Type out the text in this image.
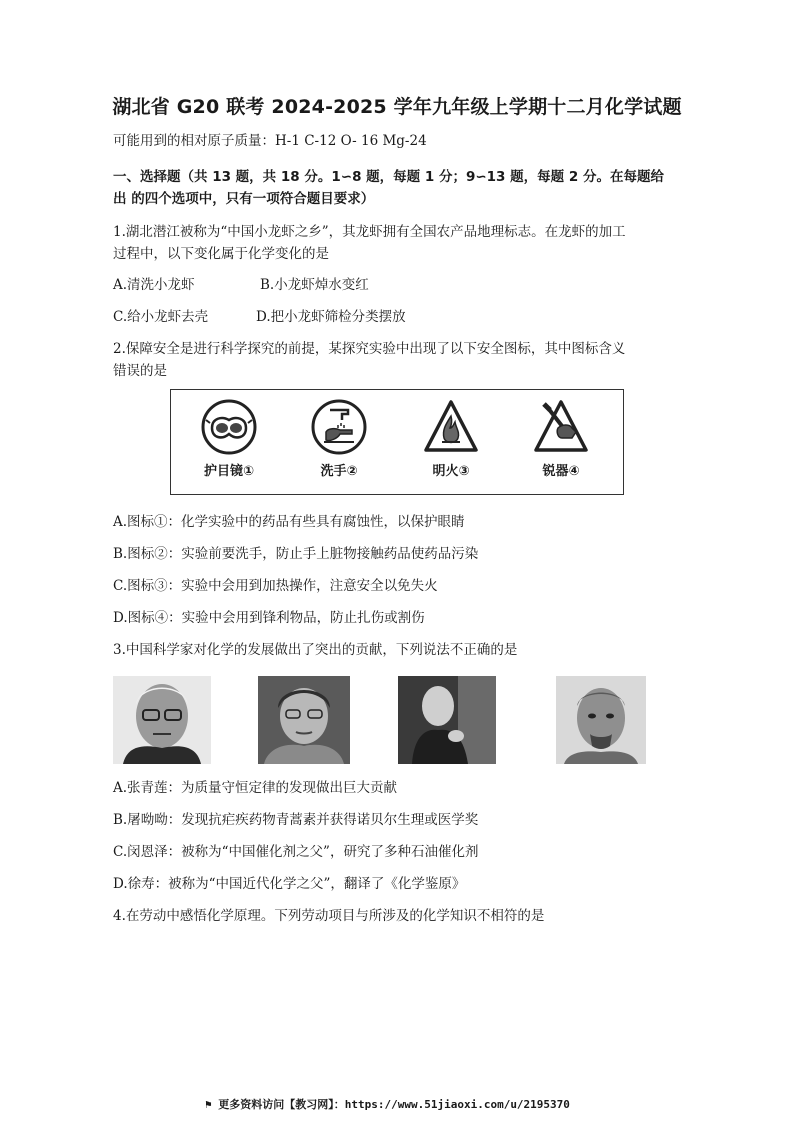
湖北省 G20 联考 2024-2025 学年九年级上学期十二月化学试题
可能用到的相对原子质量：H-1 C-12 O- 16 Mg-24
一、选择题（共 13 题，共 18 分。1∽8 题，每题 1 分；9∽13 题，每题 2 分。在每题给
出 的四个选项中，只有一项符合题目要求）
1.湖北潜江被称为“中国小龙虾之乡”，其龙虾拥有全国农产品地理标志。在龙虾的加工
过程中，以下变化属于化学变化的是
A.清洗小龙虾	B.小龙虾焯水变红
C.给小龙虾去壳	D.把小龙虾筛检分类摆放
2.保障安全是进行科学探究的前提，某探究实验中出现了以下安全图标，其中图标含义
错误的是
护目镜①	洗手②	明火③	锐器④
A.图标①：化学实验中的药品有些具有腐蚀性，以保护眼睛
B.图标②：实验前要洗手，防止手上脏物接触药品使药品污染
C.图标③：实验中会用到加热操作，注意安全以免失火
D.图标④：实验中会用到锋利物品，防止扎伤或割伤
3.中国科学家对化学的发展做出了突出的贡献，下列说法不正确的是
A.张青莲：为质量守恒定律的发现做出巨大贡献
B.屠呦呦：发现抗疟疾药物青蒿素并获得诺贝尔生理或医学奖
C.闵恩泽：被称为“中国催化剂之父”，研究了多种石油催化剂
D.徐寿：被称为“中国近代化学之父”，翻译了《化学鉴原》
4.在劳动中感悟化学原理。下列劳动项目与所涉及的化学知识不相符的是
⚑ 更多资料访问【教习网】：https://www.51jiaoxi.com/u/2195370
